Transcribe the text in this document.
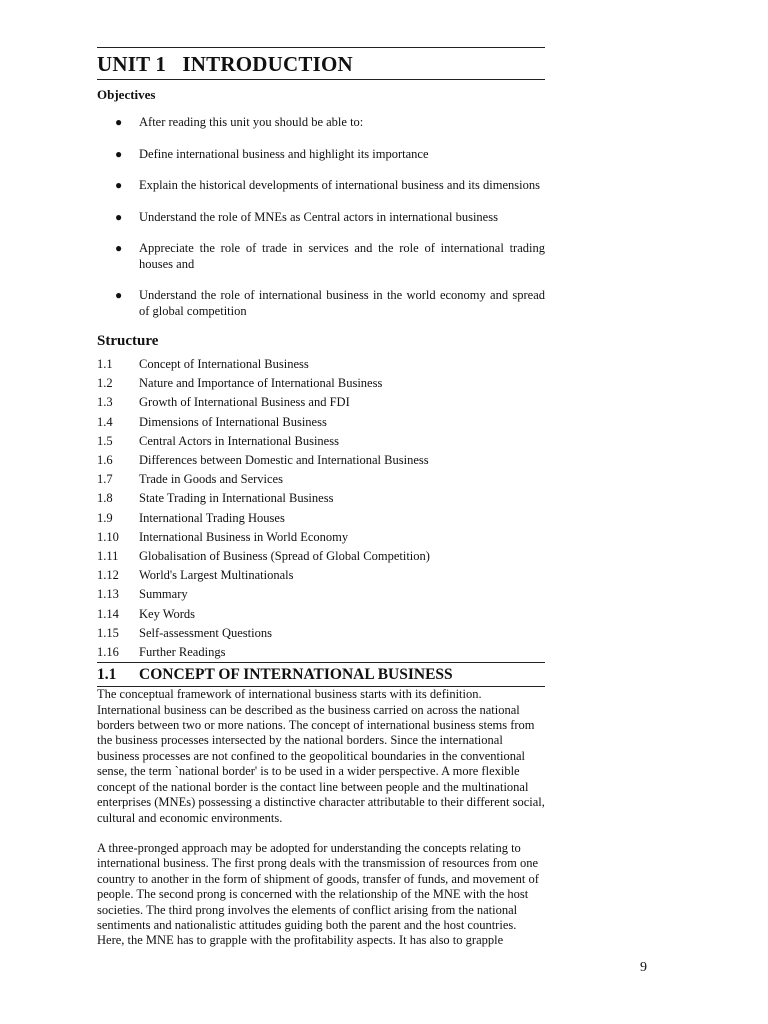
UNIT 1   INTRODUCTION
Objectives
● After reading this unit you should be able to:
● Define international business and highlight its importance
● Explain the historical developments of international business and its dimensions
● Understand the role of MNEs as Central actors in international business
● Appreciate the role of trade in services and the role of international trading houses and
● Understand the role of international business in the world economy and spread of global competition
Structure
1.1	Concept of International Business
1.2	Nature and Importance of International Business
1.3	Growth of International Business and FDI
1.4	Dimensions of International Business
1.5	Central Actors in International Business
1.6	Differences between Domestic and International Business
1.7	Trade in Goods and Services
1.8	State Trading in International Business
1.9	International Trading Houses
1.10	International Business in World Economy
1.11	Globalisation of Business (Spread of Global Competition)
1.12	World's Largest Multinationals
1.13	Summary
1.14	Key Words
1.15	Self-assessment Questions
1.16	Further Readings
1.1	CONCEPT OF INTERNATIONAL BUSINESS

The conceptual framework of international business starts with its definition. International business can be described as the business carried on across the national borders between two or more nations. The concept of international business stems from the business processes intersected by the national borders. Since the international business processes are not confined to the geopolitical boundaries in the conventional sense, the term `national border' is to be used in a wider perspective. A more flexible concept of the national border is the contact line between people and the multinational enterprises (MNEs) possessing a distinctive character attributable to their different social, cultural and economic environments.

A three-pronged approach may be adopted for understanding the concepts relating to international business. The first prong deals with the transmission of resources from one country to another in the form of shipment of goods, transfer of funds, and movement of people. The second prong is concerned with the relationship of the MNE with the host societies. The third prong involves the elements of conflict arising from the national sentiments and nationalistic attitudes guiding both the parent and the host countries. Here, the MNE has to grapple with the profitability aspects. It has also to grapple

9
